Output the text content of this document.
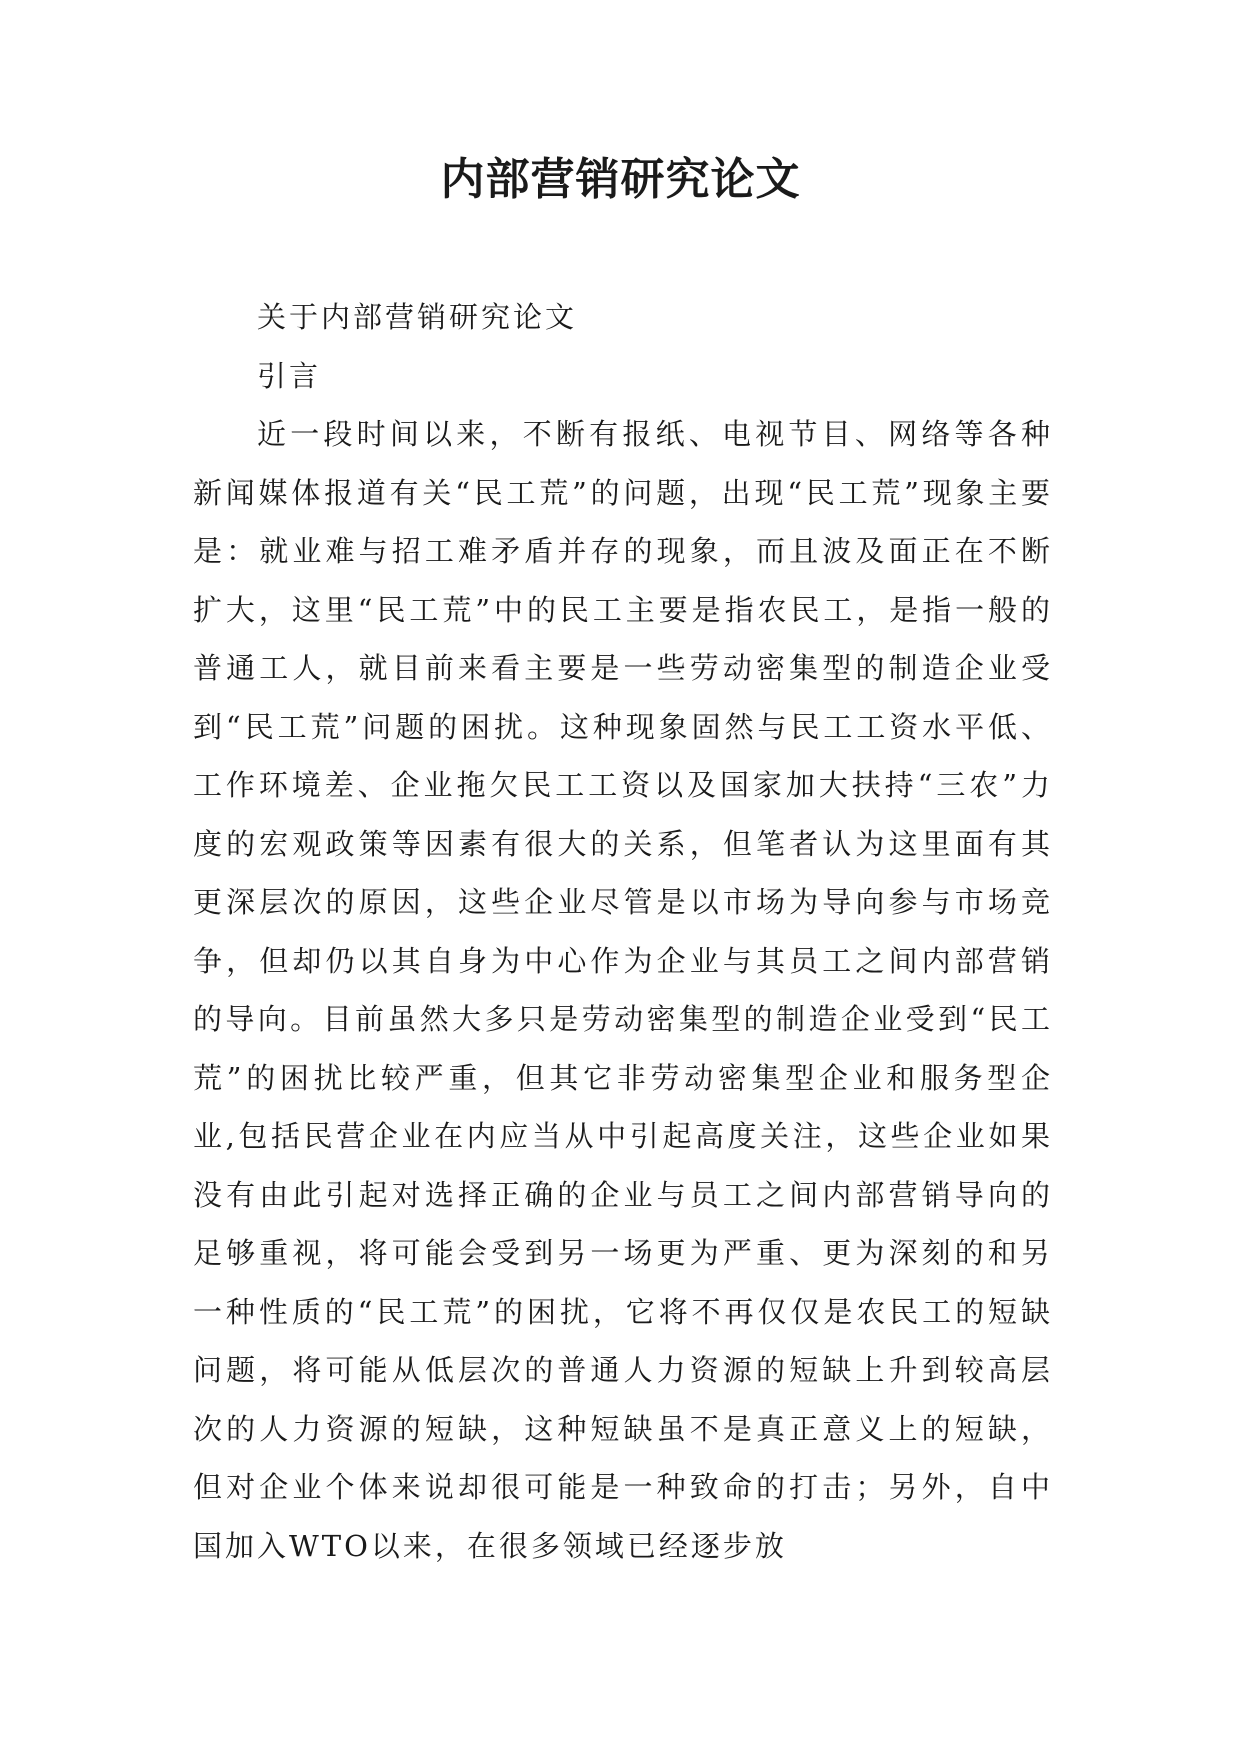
内部营销研究论文

关于内部营销研究论文

引言

近一段时间以来，不断有报纸、电视节目、网络等各种新闻媒体报道有关“民工荒”的问题，出现“民工荒”现象主要是：就业难与招工难矛盾并存的现象，而且波及面正在不断扩大，这里“民工荒”中的民工主要是指农民工，是指一般的普通工人，就目前来看主要是一些劳动密集型的制造企业受到“民工荒”问题的困扰。这种现象固然与民工工资水平低、工作环境差、企业拖欠民工工资以及国家加大扶持“三农”力度的宏观政策等因素有很大的关系，但笔者认为这里面有其更深层次的原因，这些企业尽管是以市场为导向参与市场竞争，但却仍以其自身为中心作为企业与其员工之间内部营销的导向。目前虽然大多只是劳动密集型的制造企业受到“民工荒”的困扰比较严重，但其它非劳动密集型企业和服务型企业,包括民营企业在内应当从中引起高度关注，这些企业如果没有由此引起对选择正确的企业与员工之间内部营销导向的足够重视，将可能会受到另一场更为严重、更为深刻的和另一种性质的“民工荒”的困扰，它将不再仅仅是农民工的短缺问题，将可能从低层次的普通人力资源的短缺上升到较高层次的人力资源的短缺，这种短缺虽不是真正意义上的短缺，但对企业个体来说却很可能是一种致命的打击；另外，自中国加入WTO以来，在很多领域已经逐步放
